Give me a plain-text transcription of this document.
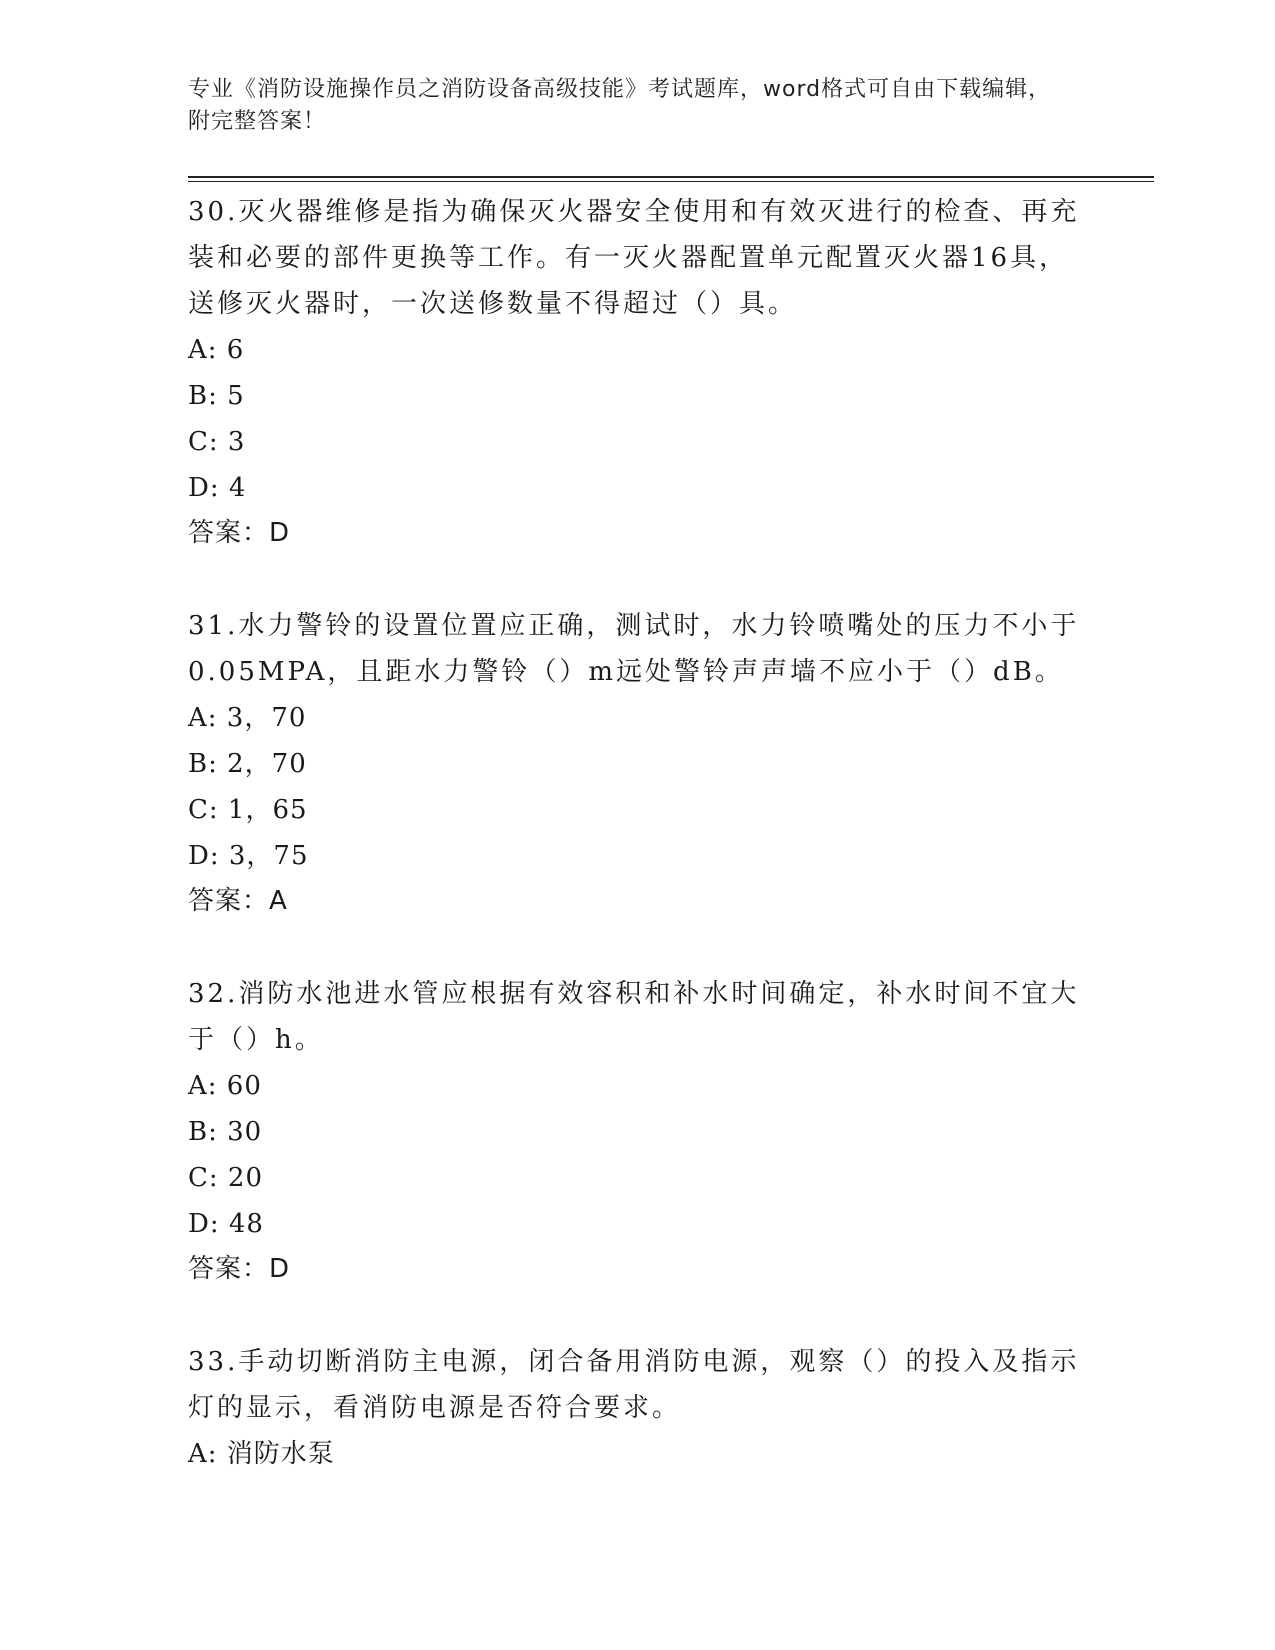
专业《消防设施操作员之消防设备高级技能》考试题库，word格式可自由下载编辑，附完整答案！

30.灭火器维修是指为确保灭火器安全使用和有效灭进行的检查、再充装和必要的部件更换等工作。有一灭火器配置单元配置灭火器16具，送修灭火器时，一次送修数量不得超过（）具。

A: 6

B: 5

C: 3

D: 4

答案：D

31.水力警铃的设置位置应正确，测试时，水力铃喷嘴处的压力不小于0.05MPA，且距水力警铃（）m远处警铃声声墙不应小于（）dB。

A: 3，70

B: 2，70

C: 1，65

D: 3，75

答案：A

32.消防水池进水管应根据有效容积和补水时间确定，补水时间不宜大于（）h。

A: 60

B: 30

C: 20

D: 48

答案：D

33.手动切断消防主电源，闭合备用消防电源，观察（）的投入及指示灯的显示，看消防电源是否符合要求。

A: 消防水泵
